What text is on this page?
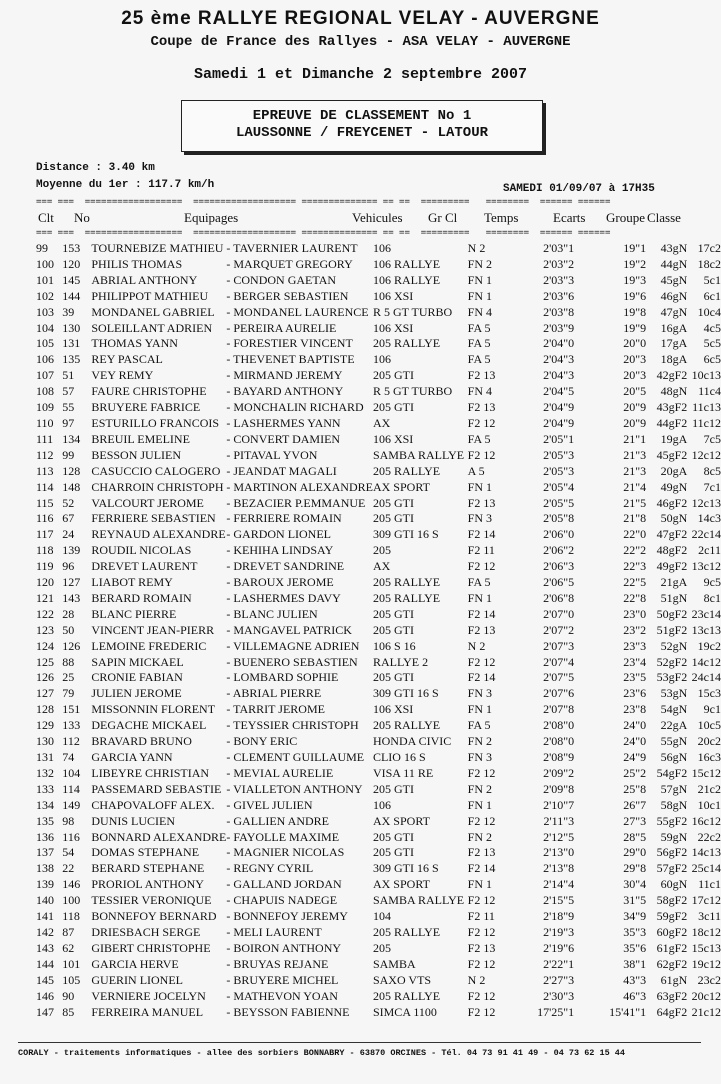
25 ème RALLYE REGIONAL VELAY - AUVERGNE
Coupe de France des Rallyes - ASA VELAY - AUVERGNE
Samedi 1 et Dimanche 2 septembre 2007
EPREUVE DE CLASSEMENT No 1
LAUSSONNE / FREYCENET - LATOUR
Distance : 3.40 km
Moyenne du 1er : 117.7 km/h	SAMEDI 01/09/07 à 17H35
=== ===  ==================  =================== ============== == ==  =========   ========  ====== ======
Clt No	Equipages	Vehicules Gr Cl Temps	Ecarts Groupe Classe
=== ===  ==================  =================== ============== == ==  =========   ========  ====== ======
99	153	TOURNEBIZE MATHIEU	- TAVERNIER LAURENT	106	N 2	2'03"1	19"1	43gN	17c2
100	120	PHILIS THOMAS	- MARQUET GREGORY	106 RALLYE	FN 2	2'03"2	19"2	44gN	18c2
101	145	ABRIAL ANTHONY	- CONDON GAETAN	106 RALLYE	FN 1	2'03"3	19"3	45gN	5c1
102	144	PHILIPPOT MATHIEU	- BERGER SEBASTIEN	106 XSI	FN 1	2'03"6	19"6	46gN	6c1
103	39	MONDANEL GABRIEL	- MONDANEL LAURENCE	R 5 GT TURBO	FN 4	2'03"8	19"8	47gN	10c4
104	130	SOLEILLANT ADRIEN	- PEREIRA AURELIE	106 XSI	FA 5	2'03"9	19"9	16gA	4c5
105	131	THOMAS YANN	- FORESTIER VINCENT	205 RALLYE	FA 5	2'04"0	20"0	17gA	5c5
106	135	REY PASCAL	- THEVENET BAPTISTE	106	FA 5	2'04"3	20"3	18gA	6c5
107	51	VEY REMY	- MIRMAND JEREMY	205 GTI	F2 13	2'04"3	20"3	42gF2	10c13
108	57	FAURE CHRISTOPHE	- BAYARD ANTHONY	R 5 GT TURBO	FN 4	2'04"5	20"5	48gN	11c4
109	55	BRUYERE FABRICE	- MONCHALIN RICHARD	205 GTI	F2 13	2'04"9	20"9	43gF2	11c13
110	97	ESTURILLO FRANCOIS	- LASHERMES YANN	AX	F2 12	2'04"9	20"9	44gF2	11c12
111	134	BREUIL EMELINE	- CONVERT DAMIEN	106 XSI	FA 5	2'05"1	21"1	19gA	7c5
112	99	BESSON JULIEN	- PITAVAL YVON	SAMBA RALLYE	F2 12	2'05"3	21"3	45gF2	12c12
113	128	CASUCCIO CALOGERO	- JEANDAT MAGALI	205 RALLYE	A 5	2'05"3	21"3	20gA	8c5
114	148	CHARROIN CHRISTOPH	- MARTINON ALEXANDRE	AX SPORT	FN 1	2'05"4	21"4	49gN	7c1
115	52	VALCOURT JEROME	- BEZACIER P.EMMANUE	205 GTI	F2 13	2'05"5	21"5	46gF2	12c13
116	67	FERRIERE SEBASTIEN	- FERRIERE ROMAIN	205 GTI	FN 3	2'05"8	21"8	50gN	14c3
117	24	REYNAUD ALEXANDRE	- GARDON LIONEL	309 GTI 16 S	F2 14	2'06"0	22"0	47gF2	22c14
118	139	ROUDIL NICOLAS	- KEHIHA LINDSAY	205	F2 11	2'06"2	22"2	48gF2	2c11
119	96	DREVET LAURENT	- DREVET SANDRINE	AX	F2 12	2'06"3	22"3	49gF2	13c12
120	127	LIABOT REMY	- BAROUX JEROME	205 RALLYE	FA 5	2'06"5	22"5	21gA	9c5
121	143	BERARD ROMAIN	- LASHERMES DAVY	205 RALLYE	FN 1	2'06"8	22"8	51gN	8c1
122	28	BLANC PIERRE	- BLANC JULIEN	205 GTI	F2 14	2'07"0	23"0	50gF2	23c14
123	50	VINCENT JEAN-PIERR	- MANGAVEL PATRICK	205 GTI	F2 13	2'07"2	23"2	51gF2	13c13
124	126	LEMOINE FREDERIC	- VILLEMAGNE ADRIEN	106 S 16	N 2	2'07"3	23"3	52gN	19c2
125	88	SAPIN MICKAEL	- BUENERO SEBASTIEN	RALLYE 2	F2 12	2'07"4	23"4	52gF2	14c12
126	25	CRONIE FABIAN	- LOMBARD SOPHIE	205 GTI	F2 14	2'07"5	23"5	53gF2	24c14
127	79	JULIEN JEROME	- ABRIAL PIERRE	309 GTI 16 S	FN 3	2'07"6	23"6	53gN	15c3
128	151	MISSONNIN FLORENT	- TARRIT JEROME	106 XSI	FN 1	2'07"8	23"8	54gN	9c1
129	133	DEGACHE MICKAEL	- TEYSSIER CHRISTOPH	205 RALLYE	FA 5	2'08"0	24"0	22gA	10c5
130	112	BRAVARD BRUNO	- BONY ERIC	HONDA CIVIC	FN 2	2'08"0	24"0	55gN	20c2
131	74	GARCIA YANN	- CLEMENT GUILLAUME	CLIO 16 S	FN 3	2'08"9	24"9	56gN	16c3
132	104	LIBEYRE CHRISTIAN	- MEVIAL AURELIE	VISA 11 RE	F2 12	2'09"2	25"2	54gF2	15c12
133	114	PASSEMARD SEBASTIE	- VIALLETON ANTHONY	205 GTI	FN 2	2'09"8	25"8	57gN	21c2
134	149	CHAPOVALOFF ALEX.	- GIVEL JULIEN	106	FN 1	2'10"7	26"7	58gN	10c1
135	98	DUNIS LUCIEN	- GALLIEN ANDRE	AX SPORT	F2 12	2'11"3	27"3	55gF2	16c12
136	116	BONNARD ALEXANDRE	- FAYOLLE MAXIME	205 GTI	FN 2	2'12"5	28"5	59gN	22c2
137	54	DOMAS STEPHANE	- MAGNIER NICOLAS	205 GTI	F2 13	2'13"0	29"0	56gF2	14c13
138	22	BERARD STEPHANE	- REGNY CYRIL	309 GTI 16 S	F2 14	2'13"8	29"8	57gF2	25c14
139	146	PRORIOL ANTHONY	- GALLAND JORDAN	AX SPORT	FN 1	2'14"4	30"4	60gN	11c1
140	100	TESSIER VERONIQUE	- CHAPUIS NADEGE	SAMBA RALLYE	F2 12	2'15"5	31"5	58gF2	17c12
141	118	BONNEFOY BERNARD	- BONNEFOY JEREMY	104	F2 11	2'18"9	34"9	59gF2	3c11
142	87	DRIESBACH SERGE	- MELI LAURENT	205 RALLYE	F2 12	2'19"3	35"3	60gF2	18c12
143	62	GIBERT CHRISTOPHE	- BOIRON ANTHONY	205	F2 13	2'19"6	35"6	61gF2	15c13
144	101	GARCIA HERVE	- BRUYAS REJANE	SAMBA	F2 12	2'22"1	38"1	62gF2	19c12
145	105	GUERIN LIONEL	- BRUYERE MICHEL	SAXO VTS	N 2	2'27"3	43"3	61gN	23c2
146	90	VERNIERE JOCELYN	- MATHEVON YOAN	205 RALLYE	F2 12	2'30"3	46"3	63gF2	20c12
147	85	FERREIRA MANUEL	- BEYSSON FABIENNE	SIMCA 1100	F2 12	17'25"1	15'41"1	64gF2	21c12
CORALY - traitements informatiques - allee des sorbiers BONNABRY - 63870 ORCINES - Tél. 04 73 91 41 49 - 04 73 62 15 44
